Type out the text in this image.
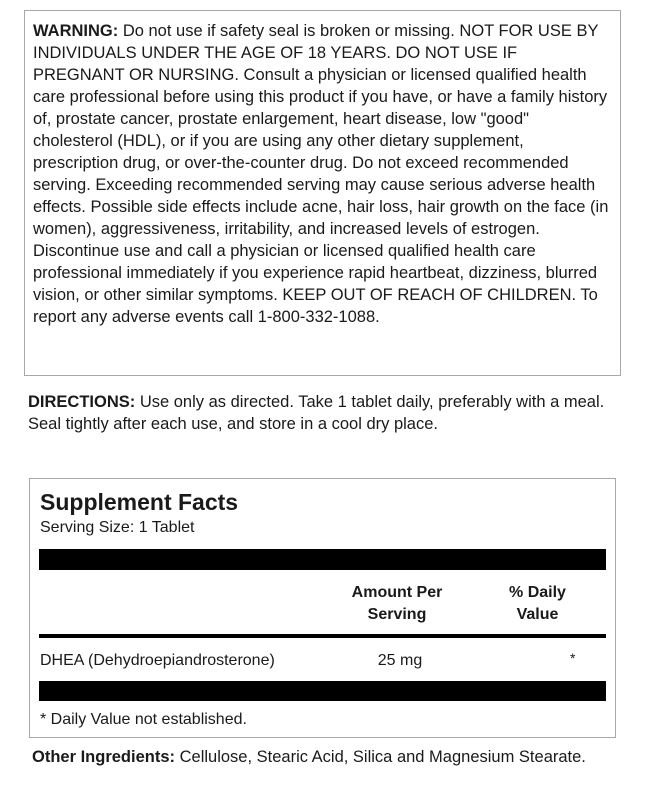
WARNING: Do not use if safety seal is broken or missing. NOT FOR USE BY INDIVIDUALS UNDER THE AGE OF 18 YEARS. DO NOT USE IF PREGNANT OR NURSING. Consult a physician or licensed qualified health care professional before using this product if you have, or have a family history of, prostate cancer, prostate enlargement, heart disease, low "good" cholesterol (HDL), or if you are using any other dietary supplement, prescription drug, or over-the-counter drug. Do not exceed recommended serving. Exceeding recommended serving may cause serious adverse health effects. Possible side effects include acne, hair loss, hair growth on the face (in women), aggressiveness, irritability, and increased levels of estrogen. Discontinue use and call a physician or licensed qualified health care professional immediately if you experience rapid heartbeat, dizziness, blurred vision, or other similar symptoms. KEEP OUT OF REACH OF CHILDREN. To report any adverse events call 1-800-332-1088.

DIRECTIONS: Use only as directed. Take 1 tablet daily, preferably with a meal. Seal tightly after each use, and store in a cool dry place.

Supplement Facts
Serving Size: 1 Tablet
Amount Per
Serving
% Daily
Value
DHEA (Dehydroepiandrosterone)	25 mg	*
* Daily Value not established.

Other Ingredients: Cellulose, Stearic Acid, Silica and Magnesium Stearate.
